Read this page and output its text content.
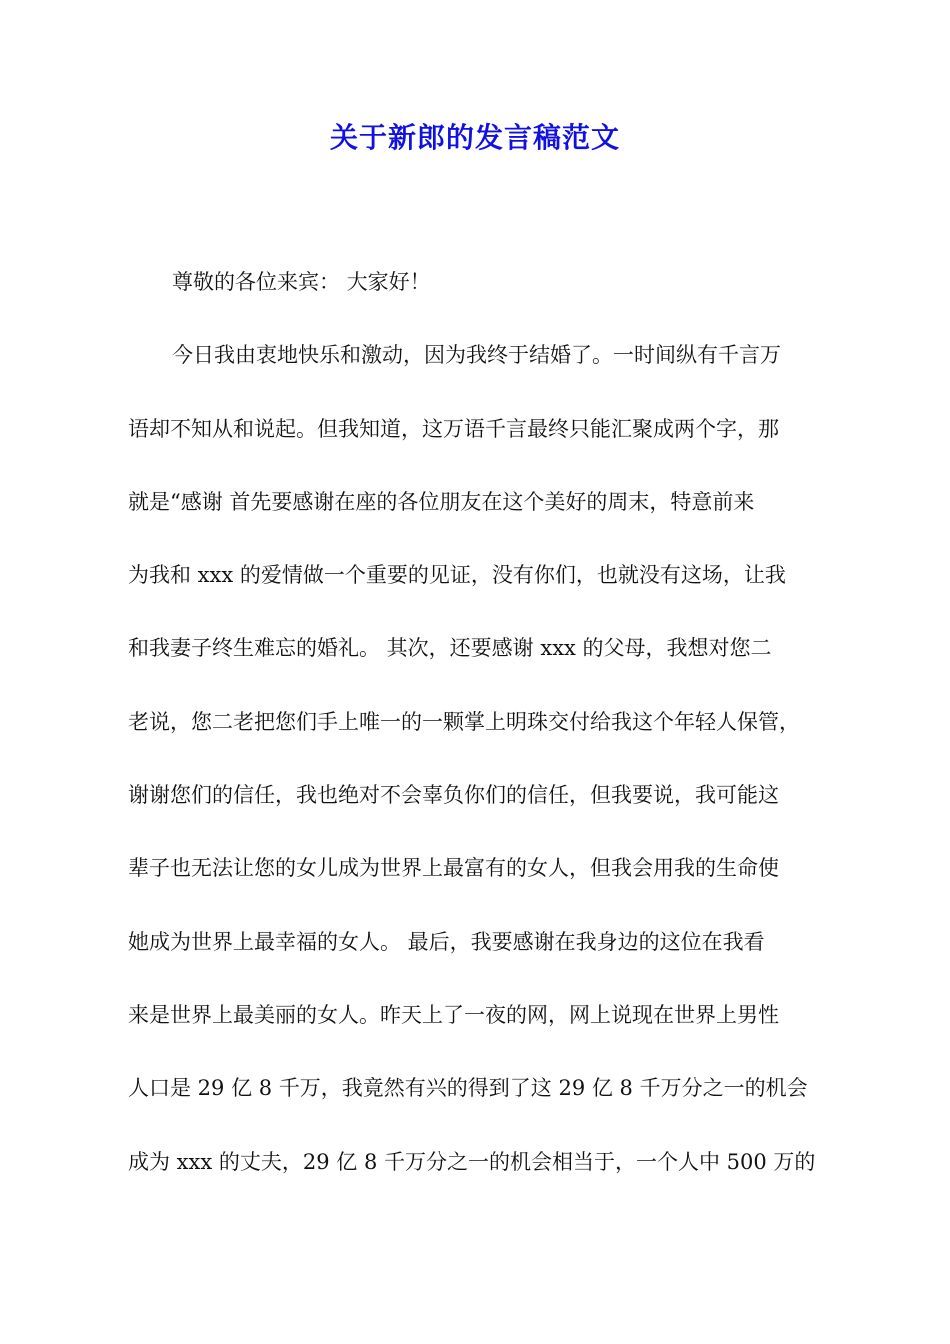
关于新郎的发言稿范文
尊敬的各位来宾： 大家好！
今日我由衷地快乐和激动，因为我终于结婚了。一时间纵有千言万
语却不知从和说起。但我知道，这万语千言最终只能汇聚成两个字，那
就是“感谢 首先要感谢在座的各位朋友在这个美好的周末，特意前来
为我和 xxx 的爱情做一个重要的见证，没有你们，也就没有这场，让我
和我妻子终生难忘的婚礼。 其次，还要感谢 xxx 的父母，我想对您二
老说，您二老把您们手上唯一的一颗掌上明珠交付给我这个年轻人保管，
谢谢您们的信任，我也绝对不会辜负你们的信任，但我要说，我可能这
辈子也无法让您的女儿成为世界上最富有的女人，但我会用我的生命使
她成为世界上最幸福的女人。 最后，我要感谢在我身边的这位在我看
来是世界上最美丽的女人。昨天上了一夜的网，网上说现在世界上男性
人口是 29 亿 8 千万，我竟然有兴的得到了这 29 亿 8 千万分之一的机会
成为 xxx 的丈夫，29 亿 8 千万分之一的机会相当于，一个人中 500 万的
